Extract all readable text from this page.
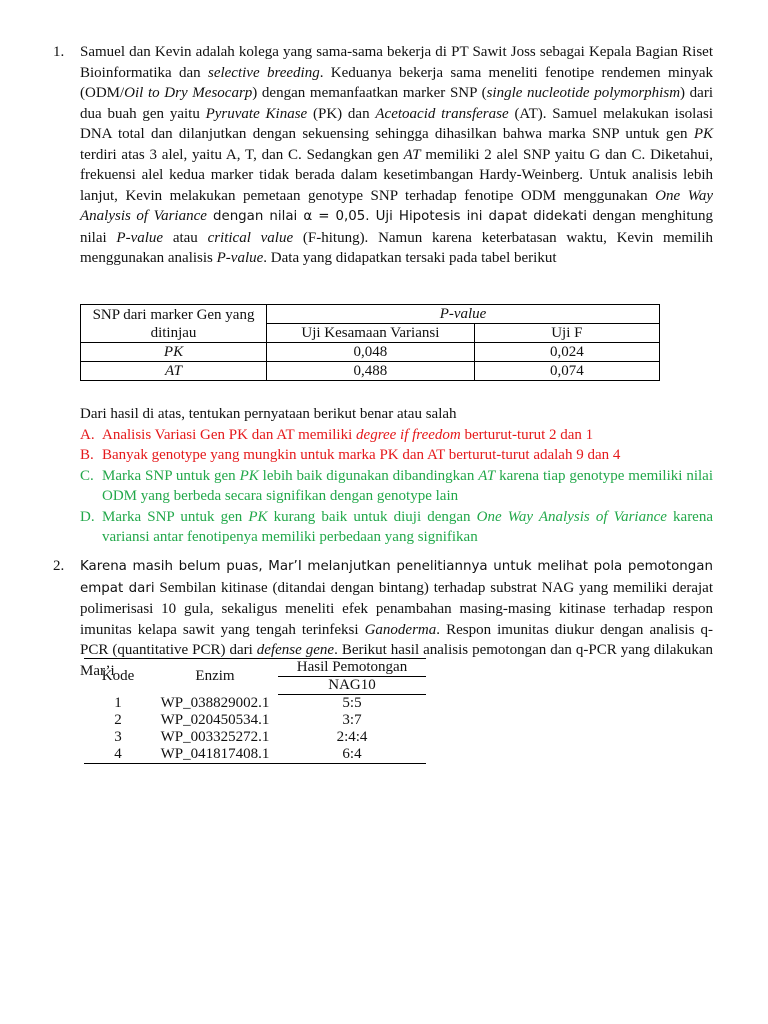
1. Samuel dan Kevin adalah kolega yang sama-sama bekerja di PT Sawit Joss sebagai Kepala Bagian Riset Bioinformatika dan selective breeding. Keduanya bekerja sama meneliti fenotipe rendemen minyak (ODM/Oil to Dry Mesocarp) dengan memanfaatkan marker SNP (single nucleotide polymorphism) dari dua buah gen yaitu Pyruvate Kinase (PK) dan Acetoacid transferase (AT). Samuel melakukan isolasi DNA total dan dilanjutkan dengan sekuensing sehingga dihasilkan bahwa marka SNP untuk gen PK terdiri atas 3 alel, yaitu A, T, dan C. Sedangkan gen AT memiliki 2 alel SNP yaitu G dan C. Diketahui, frekuensi alel kedua marker tidak berada dalam kesetimbangan Hardy-Weinberg. Untuk analisis lebih lanjut, Kevin melakukan pemetaan genotype SNP terhadap fenotipe ODM menggunakan One Way Analysis of Variance dengan nilai α = 0,05. Uji Hipotesis ini dapat didekati dengan menghitung nilai P-value atau critical value (F-hitung). Namun karena keterbatasan waktu, Kevin memilih menggunakan analisis P-value. Data yang didapatkan tersaki pada tabel berikut
SNP dari marker Gen yang ditinjau	P-value	
	Uji Kesamaan Variansi	Uji F
PK	0,048	0,024
AT	0,488	0,074
Dari hasil di atas, tentukan pernyataan berikut benar atau salah
A. Analisis Variasi Gen PK dan AT memiliki degree if freedom berturut-turut 2 dan 1
B. Banyak genotype yang mungkin untuk marka PK dan AT berturut-turut adalah 9 dan 4
C. Marka SNP untuk gen PK lebih baik digunakan dibandingkan AT karena tiap genotype memiliki nilai ODM yang berbeda secara signifikan dengan genotype lain
D. Marka SNP untuk gen PK kurang baik untuk diuji dengan One Way Analysis of Variance karena variansi antar fenotipenya memiliki perbedaan yang signifikan
2. Karena masih belum puas, Mar’I melanjutkan penelitiannya untuk melihat pola pemotongan empat dari Sembilan kitinase (ditandai dengan bintang) terhadap substrat NAG yang memiliki derajat polimerisasi 10 gula, sekaligus meneliti efek penambahan masing-masing kitinase terhadap respon imunitas kelapa sawit yang tengah terinfeksi Ganoderma. Respon imunitas diukur dengan analisis q-PCR (quantitative PCR) dari defense gene. Berikut hasil analisis pemotongan dan q-PCR yang dilakukan Mar’i
Kode	Enzim	Hasil Pemotongan
		NAG10
1	WP_038829002.1	5:5
2	WP_020450534.1	3:7
3	WP_003325272.1	2:4:4
4	WP_041817408.1	6:4
